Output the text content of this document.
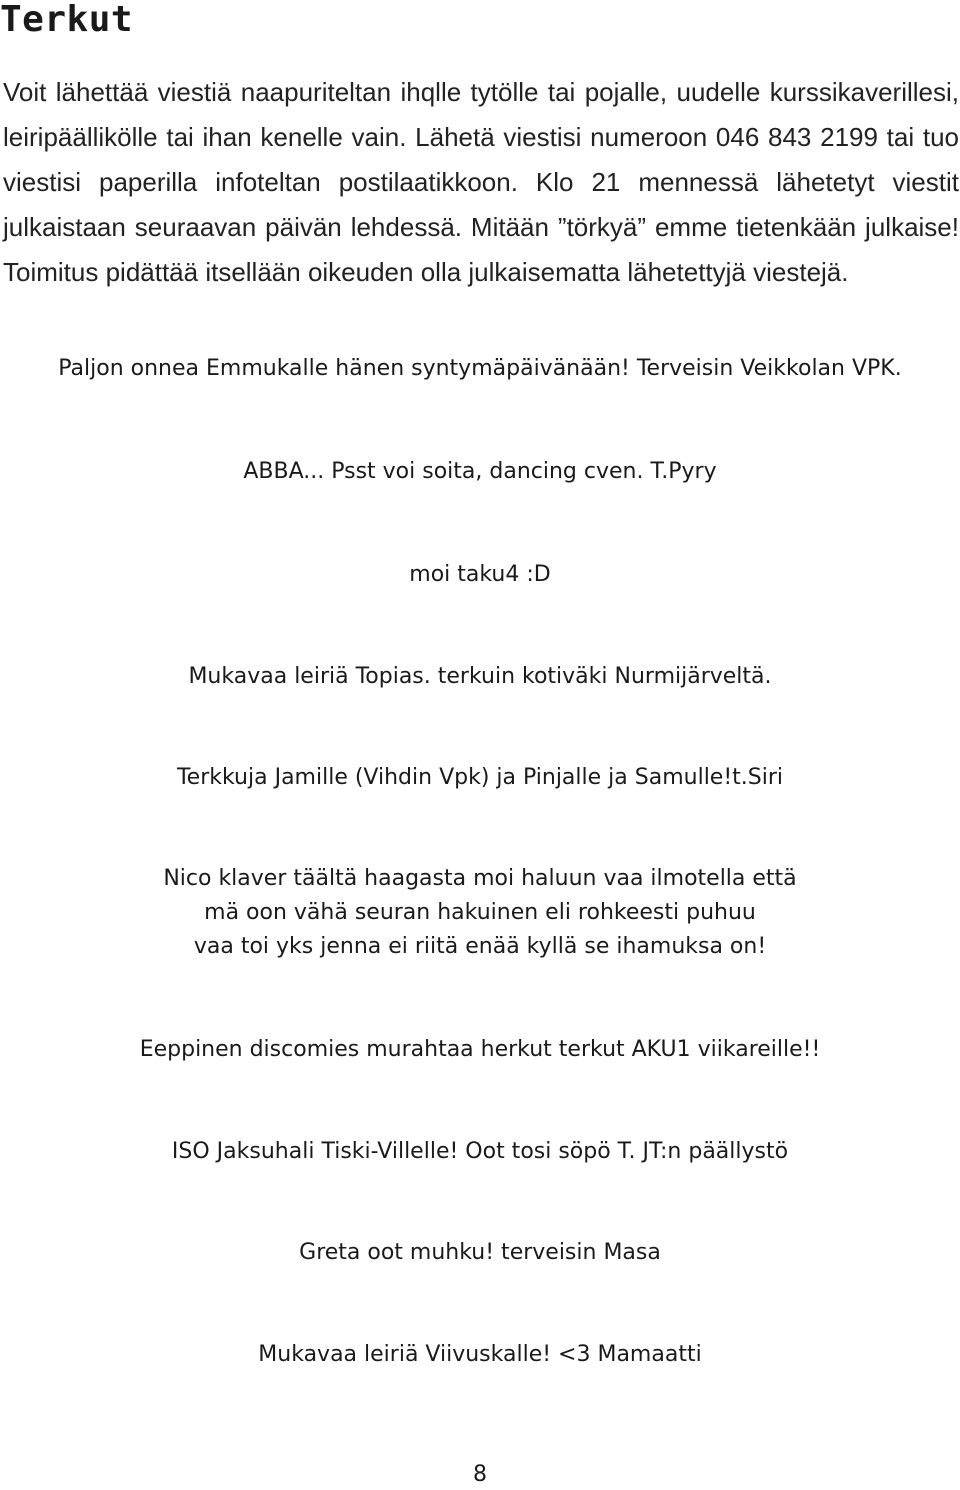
Terkut

Voit lähettää viestiä naapuriteltan ihqlle tytölle tai pojalle, uudelle kurssikaverillesi, leiripäällikölle tai ihan kenelle vain. Lähetä viestisi numeroon 046 843 2199 tai tuo viestisi paperilla infoteltan postilaatikkoon. Klo 21 mennessä lähetetyt viestit julkaistaan seuraavan päivän lehdessä. Mitään ”törkyä” emme tietenkään julkaise! Toimitus pidättää itsellään oikeuden olla julkaisematta lähetettyjä viestejä.

Paljon onnea Emmukalle hänen syntymäpäivänään! Terveisin Veikkolan VPK.

ABBA... Psst voi soita, dancing cven. T.Pyry

moi taku4 :D

Mukavaa leiriä Topias. terkuin kotiväki Nurmijärveltä.

Terkkuja Jamille (Vihdin Vpk) ja Pinjalle ja Samulle!t.Siri

Nico klaver täältä haagasta moi haluun vaa ilmotella että
mä oon vähä seuran hakuinen eli rohkeesti puhuu
vaa toi yks jenna ei riitä enää kyllä se ihamuksa on!

Eeppinen discomies murahtaa herkut terkut AKU1 viikareille!!

ISO Jaksuhali Tiski-Villelle! Oot tosi söpö T. JT:n päällystö

Greta oot muhku! terveisin Masa

Mukavaa leiriä Viivuskalle! <3 Mamaatti

8
